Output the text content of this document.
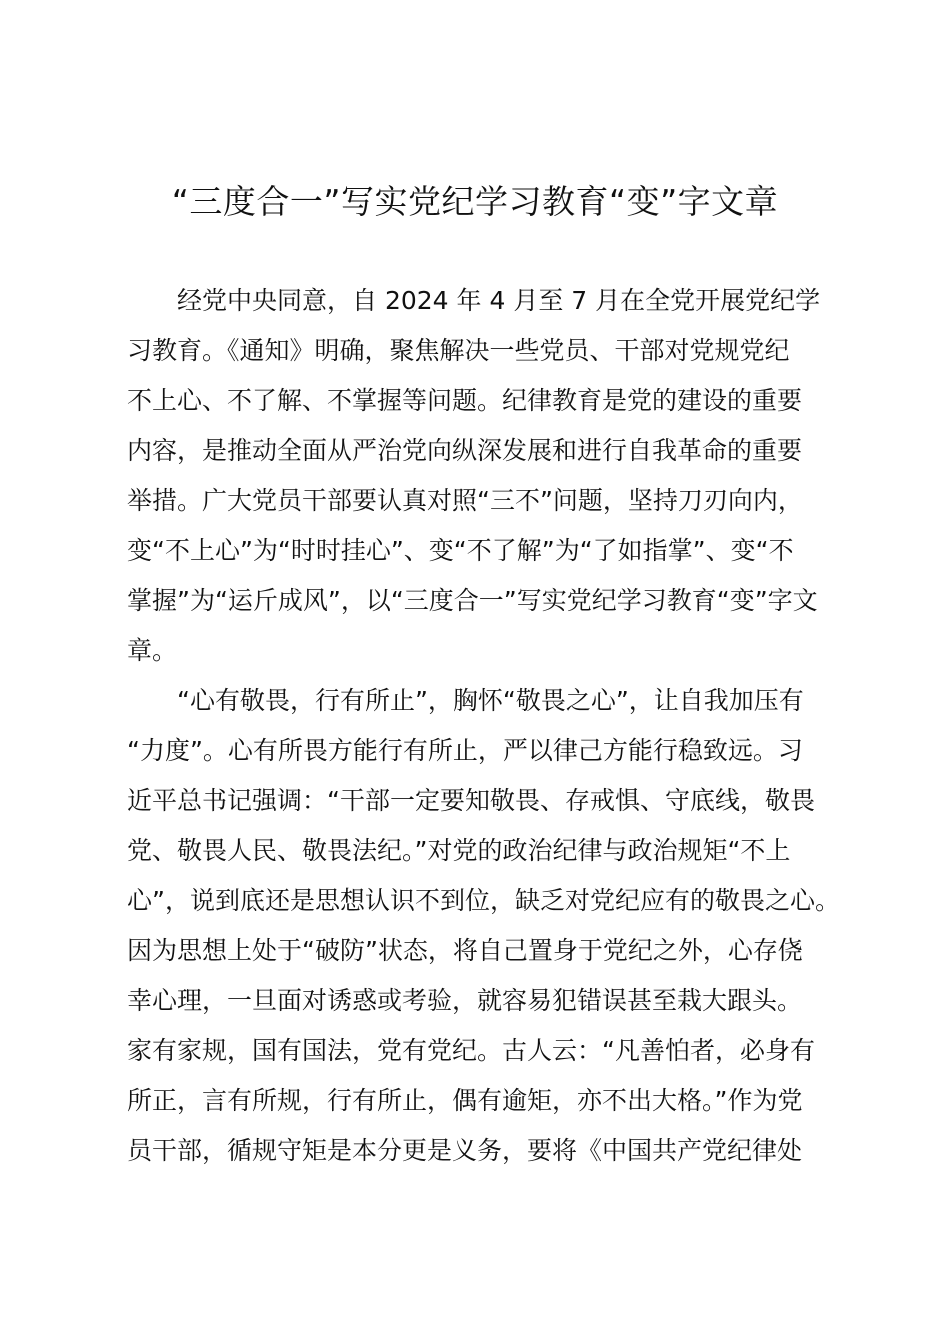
“三度合一”写实党纪学习教育“变”字文章
经党中央同意，自 2024 年 4 月至 7 月在全党开展党纪学
习教育。《通知》明确，聚焦解决一些党员、干部对党规党纪
不上心、不了解、不掌握等问题。纪律教育是党的建设的重要
内容，是推动全面从严治党向纵深发展和进行自我革命的重要
举措。广大党员干部要认真对照“三不”问题，坚持刀刃向内，
变“不上心”为“时时挂心”、变“不了解”为“了如指掌”、变“不
掌握”为“运斤成风”，以“三度合一”写实党纪学习教育“变”字文
章。
“心有敬畏，行有所止”，胸怀“敬畏之心”，让自我加压有
“力度”。心有所畏方能行有所止，严以律己方能行稳致远。习
近平总书记强调：“干部一定要知敬畏、存戒惧、守底线，敬畏
党、敬畏人民、敬畏法纪。”对党的政治纪律与政治规矩“不上
心”，说到底还是思想认识不到位，缺乏对党纪应有的敬畏之心。
因为思想上处于“破防”状态，将自己置身于党纪之外，心存侥
幸心理，一旦面对诱惑或考验，就容易犯错误甚至栽大跟头。
家有家规，国有国法，党有党纪。古人云：“凡善怕者，必身有
所正，言有所规，行有所止，偶有逾矩，亦不出大格。”作为党
员干部，循规守矩是本分更是义务，要将《中国共产党纪律处
